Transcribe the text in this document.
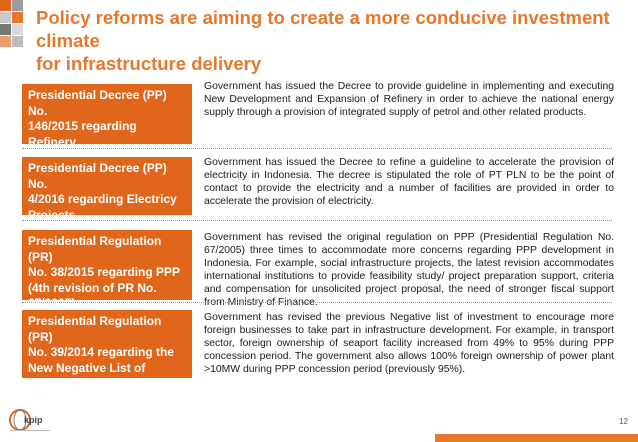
Policy reforms are aiming to create a more conducive investment climate
for infrastructure delivery
Presidential Decree (PP) No.
146/2015 regarding Refinery

Government has issued the Decree to provide guideline in implementing and executing New Development and Expansion of Refinery in order to achieve the national energy supply through a provision of integrated supply of petrol and other related products.

Presidential Decree (PP) No.
4/2016 regarding Electricy
Projects

Government has issued the Decree to refine a guideline to accelerate the provision of electricity in Indonesia. The decree is stipulated the role of PT PLN to be the point of contact to provide the electricity and a number of facilities are provided in order to accelerate the provision of electricity.

Presidential Regulation (PR)
No. 38/2015 regarding PPP
(4th revision of PR No.
67/2005)

Government has revised the original regulation on PPP (Presidential Regulation No. 67/2005) three times to accommodate more concerns regarding PPP development in Indonesia. For example, social infrastructure projects, the latest revision accommodates international institutions to provide feasibility study/ project preparation support, criteria and compensation for unsolicited project proposal, the need of stronger fiscal support from Ministry of Finance.

Presidential Regulation (PR)
No. 39/2014 regarding the
New Negative List of
Investment

Government has revised the previous Negative list of investment to encourage more foreign businesses to take part in infrastructure development. For example, in transport sector, foreign ownership of seaport facility increased from 49% to 95% during PPP concession period. The government also allows 100% foreign ownership of power plant >10MW during PPP concession period (previously 95%).

kpip	12
